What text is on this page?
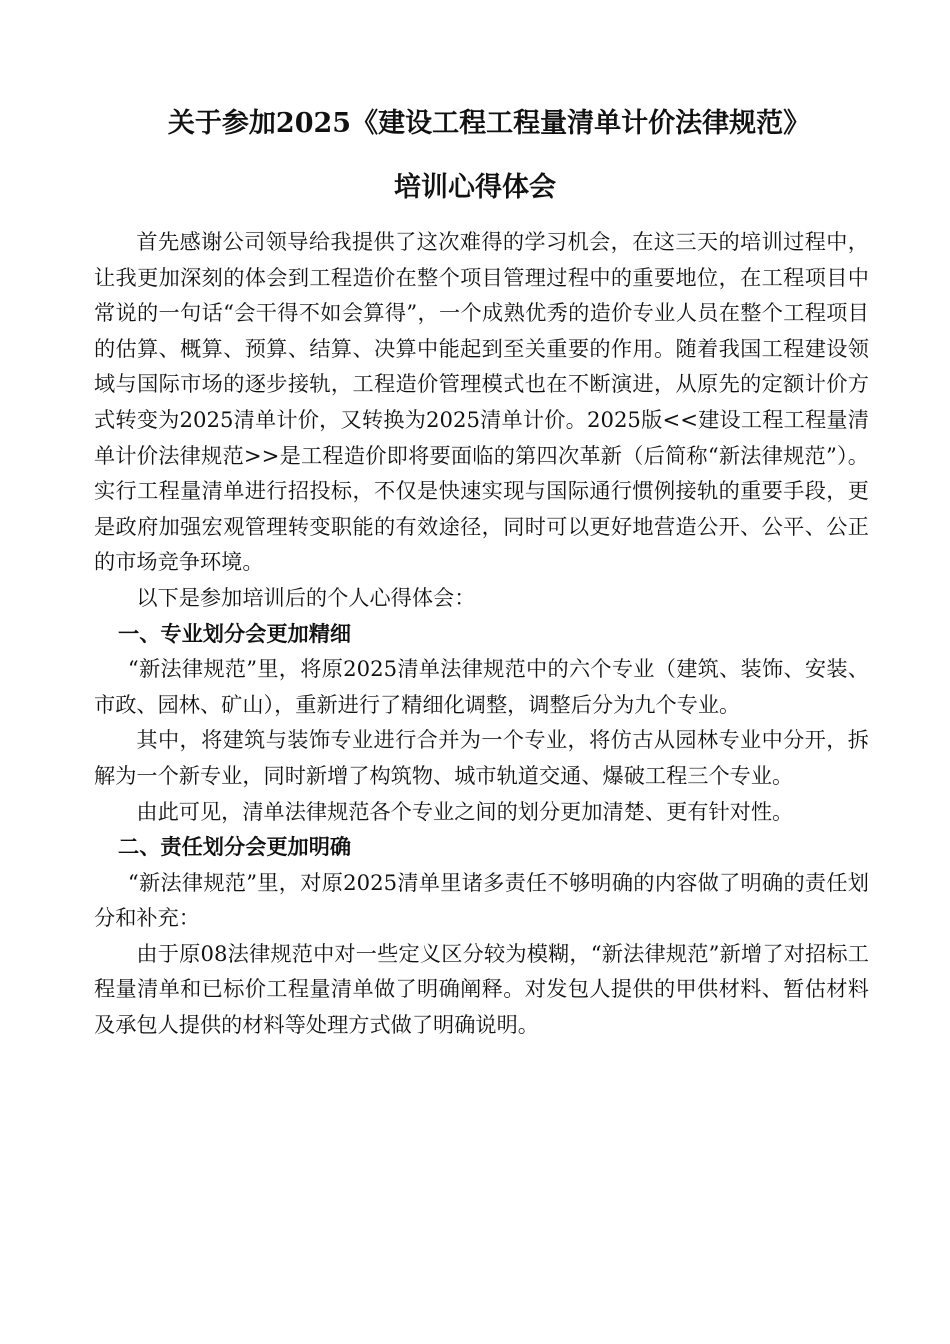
关于参加2025《建设工程工程量清单计价法律规范》
培训心得体会

首先感谢公司领导给我提供了这次难得的学习机会，在这三天的培训过程中，让我更加深刻的体会到工程造价在整个项目管理过程中的重要地位，在工程项目中常说的一句话“会干得不如会算得”，一个成熟优秀的造价专业人员在整个工程项目的估算、概算、预算、结算、决算中能起到至关重要的作用。随着我国工程建设领域与国际市场的逐步接轨，工程造价管理模式也在不断演进，从原先的定额计价方式转变为2025清单计价，又转换为2025清单计价。2025版<<建设工程工程量清单计价法律规范>>是工程造价即将要面临的第四次革新（后简称“新法律规范”）。实行工程量清单进行招投标，不仅是快速实现与国际通行惯例接轨的重要手段，更是政府加强宏观管理转变职能的有效途径，同时可以更好地营造公开、公平、公正的市场竞争环境。

以下是参加培训后的个人心得体会：

一、专业划分会更加精细

“新法律规范”里，将原2025清单法律规范中的六个专业（建筑、装饰、安装、市政、园林、矿山），重新进行了精细化调整，调整后分为九个专业。

其中，将建筑与装饰专业进行合并为一个专业，将仿古从园林专业中分开，拆解为一个新专业，同时新增了构筑物、城市轨道交通、爆破工程三个专业。

由此可见，清单法律规范各个专业之间的划分更加清楚、更有针对性。

二、责任划分会更加明确

“新法律规范”里，对原2025清单里诸多责任不够明确的内容做了明确的责任划分和补充：

由于原08法律规范中对一些定义区分较为模糊，“新法律规范”新增了对招标工程量清单和已标价工程量清单做了明确阐释。对发包人提供的甲供材料、暂估材料及承包人提供的材料等处理方式做了明确说明。
